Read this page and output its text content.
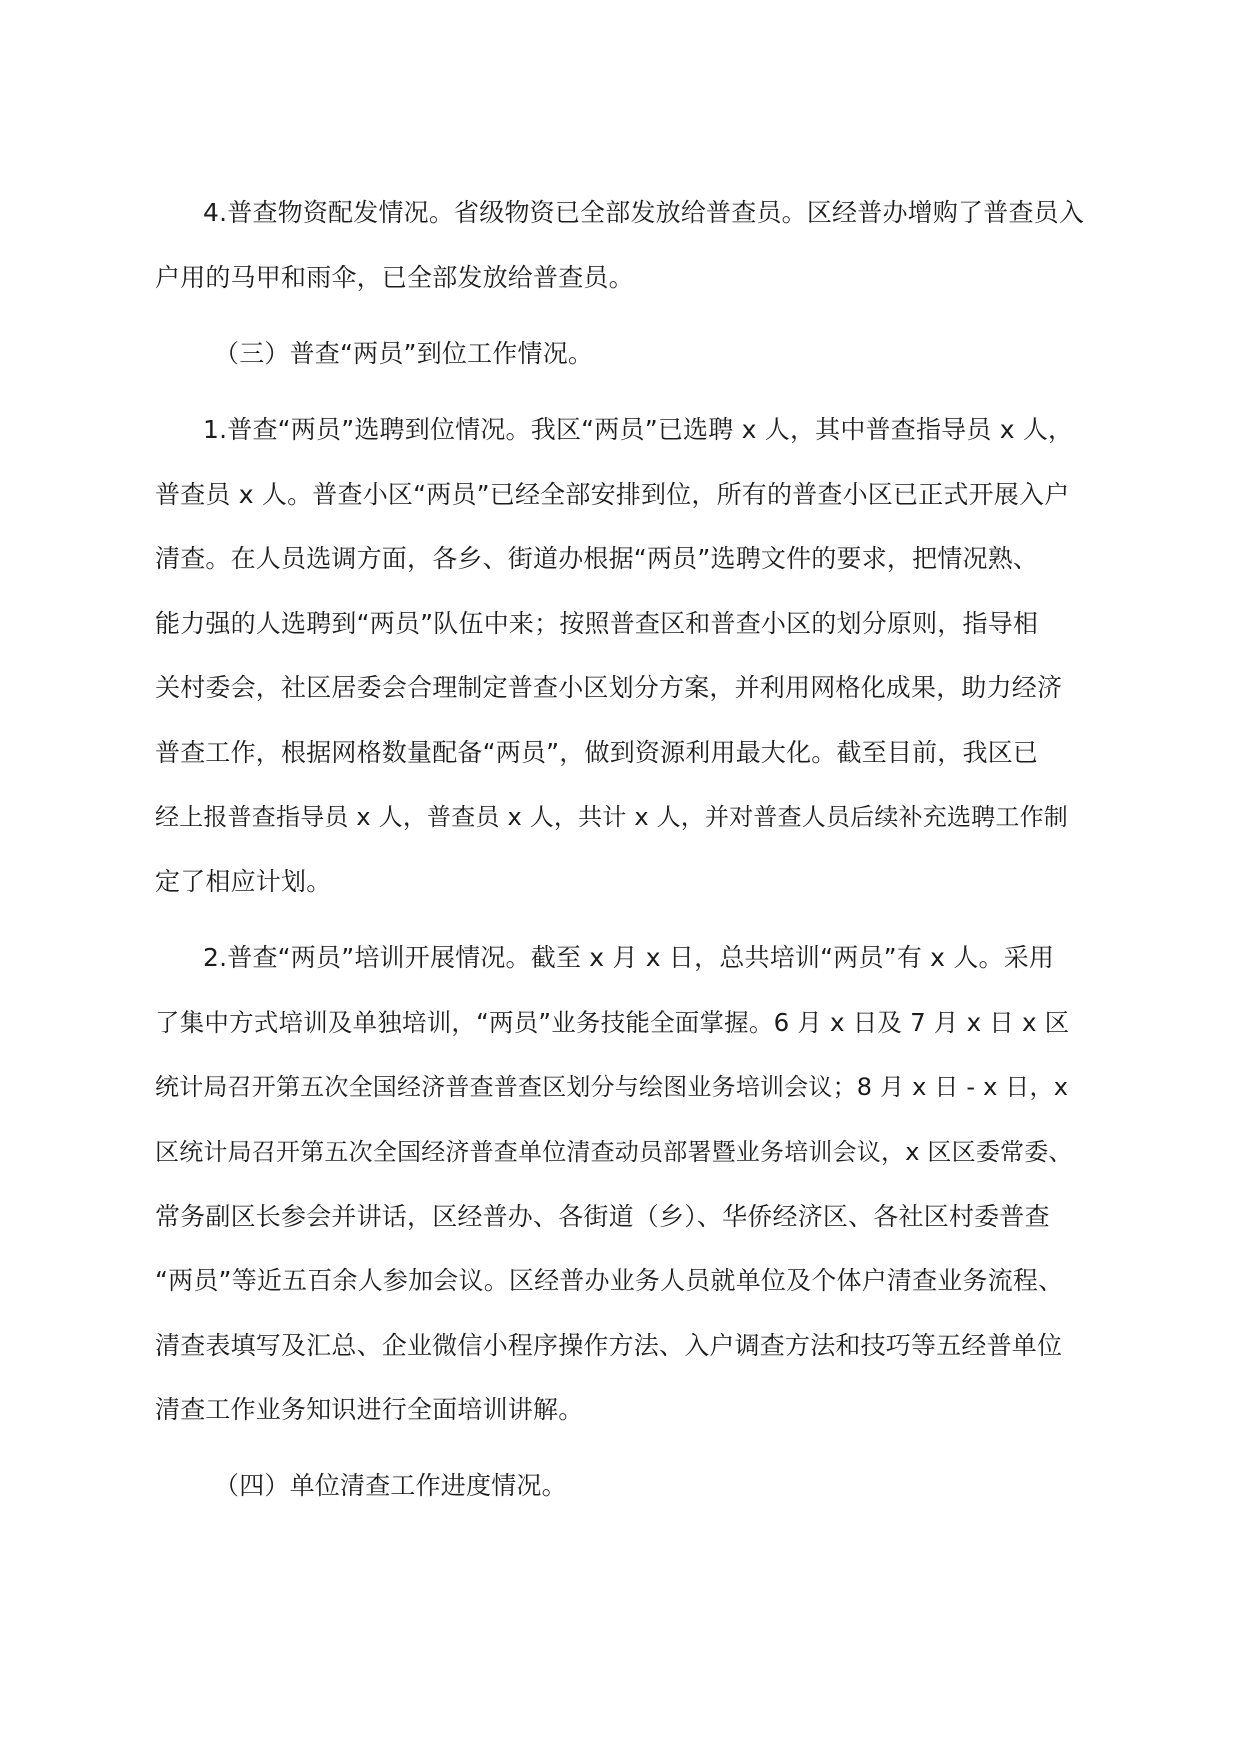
4.普查物资配发情况。省级物资已全部发放给普查员。区经普办增购了普查员入

户用的马甲和雨伞，已全部发放给普查员。

（三）普查“两员”到位工作情况。

1.普查“两员”选聘到位情况。我区“两员”已选聘 x 人，其中普查指导员 x 人，

普查员 x 人。普查小区“两员”已经全部安排到位，所有的普查小区已正式开展入户

清查。在人员选调方面，各乡、街道办根据“两员”选聘文件的要求，把情况熟、

能力强的人选聘到“两员”队伍中来；按照普查区和普查小区的划分原则，指导相

关村委会，社区居委会合理制定普查小区划分方案，并利用网格化成果，助力经济

普查工作，根据网格数量配备“两员”，做到资源利用最大化。截至目前，我区已

经上报普查指导员 x 人，普查员 x 人，共计 x 人，并对普查人员后续补充选聘工作制

定了相应计划。

2.普查“两员”培训开展情况。截至 x 月 x 日，总共培训“两员”有 x 人。采用

了集中方式培训及单独培训，“两员”业务技能全面掌握。6 月 x 日及 7 月 x 日 x 区

统计局召开第五次全国经济普查普查区划分与绘图业务培训会议；8 月 x 日 - x 日，x

区统计局召开第五次全国经济普查单位清查动员部署暨业务培训会议，x 区区委常委、

常务副区长参会并讲话，区经普办、各街道（乡）、华侨经济区、各社区村委普查

“两员”等近五百余人参加会议。区经普办业务人员就单位及个体户清查业务流程、

清查表填写及汇总、企业微信小程序操作方法、入户调查方法和技巧等五经普单位

清查工作业务知识进行全面培训讲解。

（四）单位清查工作进度情况。
